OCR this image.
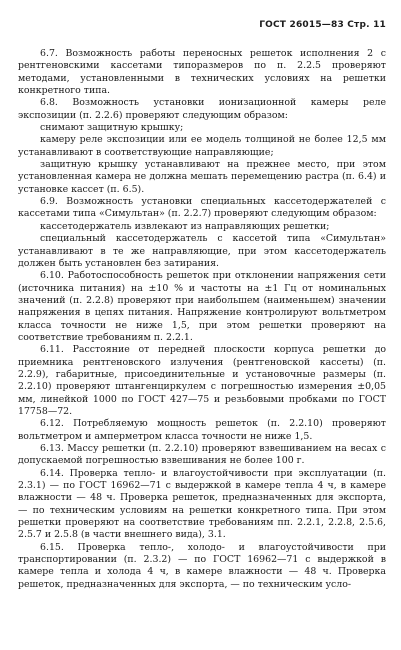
ГОСТ 26015—83 Стр. 11

6.7. Возможность работы переносных решеток исполнения 2 с рентгеновскими кассетами типоразмеров по п. 2.2.5 проверяют методами, установленными в технических условиях на решетки конкретного типа.

6.8. Возможность установки ионизационной камеры реле экспозиции (п. 2.2.6) проверяют следующим образом:

снимают защитную крышку;

камеру реле экспозиции или ее модель толщиной не более 12,5 мм устанавливают в соответствующие направляющие;

защитную крышку устанавливают на прежнее место, при этом установленная камера не должна мешать перемещению растра (п. 6.4) и установке кассет (п. 6.5).

6.9. Возможность установки специальных кассетодержателей с кассетами типа «Симультан» (п. 2.2.7) проверяют следующим образом:

кассетодержатель извлекают из направляющих решетки;

специальный кассетодержатель с кассетой типа «Симультан» устанавливают в те же направляющие, при этом кассетодержатель должен быть установлен без затирания.

6.10. Работоспособность решеток при отклонении напряжения сети (источника питания) на ±10 % и частоты на ±1 Гц от номинальных значений (п. 2.2.8) проверяют при наибольшем (наименьшем) значении напряжения в цепях питания. Напряжение контролируют вольтметром класса точности не ниже 1,5, при этом решетки проверяют на соответствие требованиям п. 2.2.1.

6.11. Расстояние от передней плоскости корпуса решетки до приемника рентгеновского излучения (рентгеновской кассеты) (п. 2.2.9), габаритные, присоединительные и установочные размеры (п. 2.2.10) проверяют штангенциркулем с погрешностью измерения ±0,05 мм, линейкой 1000 по ГОСТ 427—75 и резьбовыми пробками по ГОСТ 17758—72.

6.12. Потребляемую мощность решеток (п. 2.2.10) проверяют вольтметром и амперметром класса точности не ниже 1,5.

6.13. Массу решетки (п. 2.2.10) проверяют взвешиванием на весах с допускаемой погрешностью взвешивания не более 100 г.

6.14. Проверка тепло- и влагоустойчивости при эксплуатации (п. 2.3.1) — по ГОСТ 16962—71 с выдержкой в камере тепла 4 ч, в камере влажности — 48 ч. Проверка решеток, предназначенных для экспорта, — по техническим условиям на решетки конкретного типа. При этом решетки проверяют на соответствие требованиям пп. 2.2.1, 2.2.8, 2.5.6, 2.5.7 и 2.5.8 (в части внешнего вида), 3.1.

6.15. Проверка тепло-, холодо- и влагоустойчивости при транспортировании (п. 2.3.2) — по ГОСТ 16962—71 с выдержкой в камере тепла и холода 4 ч, в камере влажности — 48 ч. Проверка решеток, предназначенных для экспорта, — по техническим усло-
